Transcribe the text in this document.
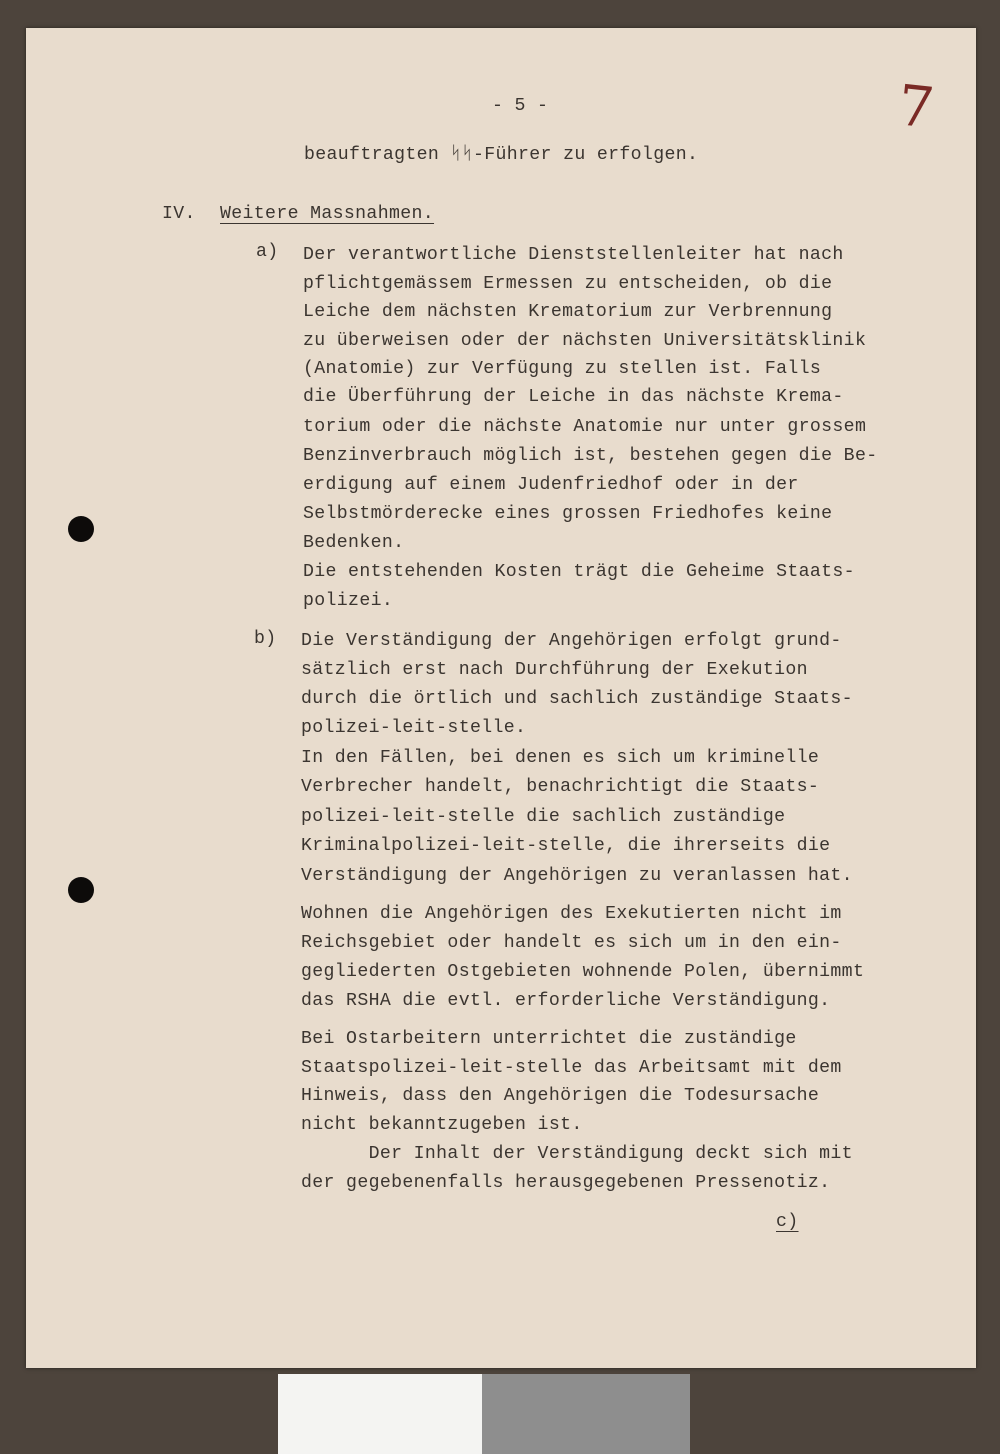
7

- 5 -

beauftragten ᛋᛋ-Führer zu erfolgen.

IV. Weitere Massnahmen.

a) Der verantwortliche Dienststellenleiter hat nach

pflichtgemässem Ermessen zu entscheiden, ob die

Leiche dem nächsten Krematorium zur Verbrennung

zu überweisen oder der nächsten Universitätsklinik

(Anatomie) zur Verfügung zu stellen ist. Falls

die Überführung der Leiche in das nächste Krema-

torium oder die nächste Anatomie nur unter grossem

Benzinverbrauch möglich ist, bestehen gegen die Be-

erdigung auf einem Judenfriedhof oder in der

Selbstmörderecke eines grossen Friedhofes keine

Bedenken.

Die entstehenden Kosten trägt die Geheime Staats-

polizei.

b) Die Verständigung der Angehörigen erfolgt grund-

sätzlich erst nach Durchführung der Exekution

durch die örtlich und sachlich zuständige Staats-

polizei-leit-stelle.

In den Fällen, bei denen es sich um kriminelle

Verbrecher handelt, benachrichtigt die Staats-

polizei-leit-stelle die sachlich zuständige

Kriminalpolizei-leit-stelle, die ihrerseits die

Verständigung der Angehörigen zu veranlassen hat.

Wohnen die Angehörigen des Exekutierten nicht im

Reichsgebiet oder handelt es sich um in den ein-

gegliederten Ostgebieten wohnende Polen, übernimmt

das RSHA die evtl. erforderliche Verständigung.

Bei Ostarbeitern unterrichtet die zuständige

Staatspolizei-leit-stelle das Arbeitsamt mit dem

Hinweis, dass den Angehörigen die Todesursache

nicht bekanntzugeben ist.

Der Inhalt der Verständigung deckt sich mit

der gegebenenfalls herausgegebenen Pressenotiz.

c)
